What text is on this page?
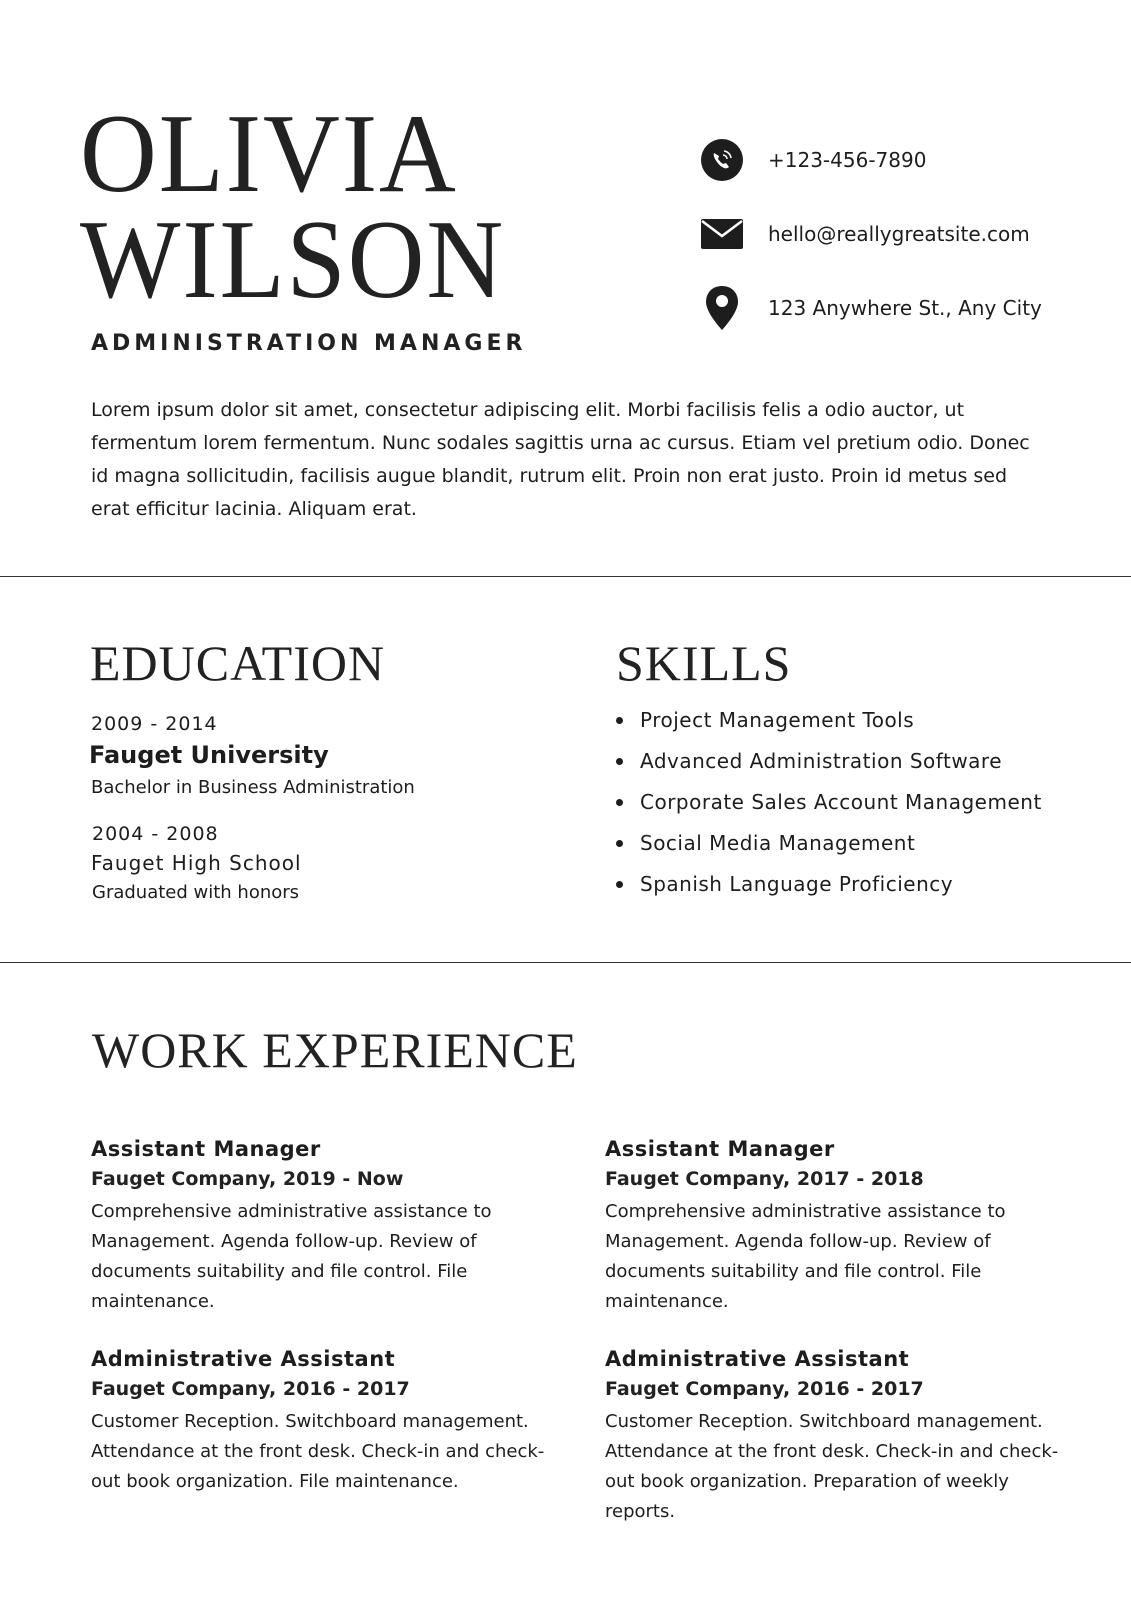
OLIVIA
WILSON
ADMINISTRATION MANAGER
+123-456-7890
hello@reallygreatsite.com
123 Anywhere St., Any City
Lorem ipsum dolor sit amet, consectetur adipiscing elit. Morbi facilisis felis a odio auctor, ut fermentum lorem fermentum. Nunc sodales sagittis urna ac cursus. Etiam vel pretium odio. Donec id magna sollicitudin, facilisis augue blandit, rutrum elit. Proin non erat justo. Proin id metus sed erat efficitur lacinia. Aliquam erat.
EDUCATION
2009 - 2014
Fauget University
Bachelor in Business Administration
2004 - 2008
Fauget High School
Graduated with honors
SKILLS
Project Management Tools
Advanced Administration Software
Corporate Sales Account Management
Social Media Management
Spanish Language Proficiency
WORK EXPERIENCE
Assistant Manager
Fauget Company, 2019 - Now
Comprehensive administrative assistance to Management. Agenda follow-up. Review of documents suitability and file control. File maintenance.
Assistant Manager
Fauget Company, 2017 - 2018
Comprehensive administrative assistance to Management. Agenda follow-up. Review of documents suitability and file control. File maintenance.
Administrative Assistant
Fauget Company, 2016 - 2017
Customer Reception. Switchboard management. Attendance at the front desk. Check-in and check-out book organization. File maintenance.
Administrative Assistant
Fauget Company, 2016 - 2017
Customer Reception. Switchboard management. Attendance at the front desk. Check-in and check-out book organization. Preparation of weekly reports.
